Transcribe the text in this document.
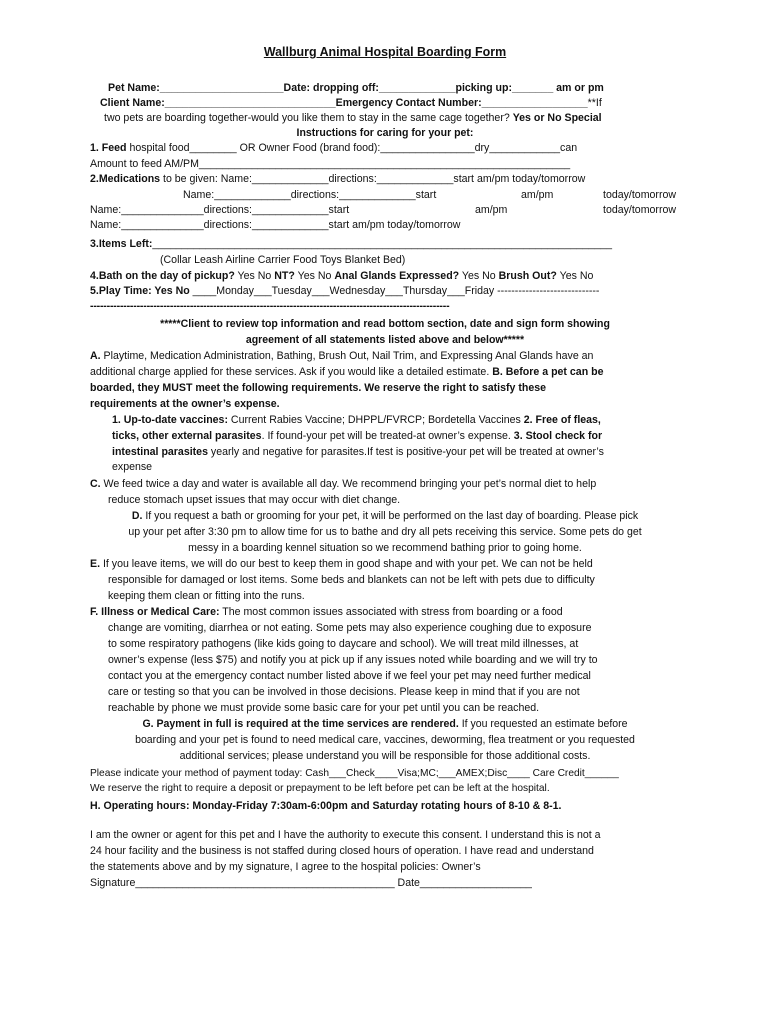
Wallburg Animal Hospital Boarding Form
Pet Name:_____________________Date: dropping off:_____________picking up:_______ am or pm
Client Name:_____________________________Emergency Contact Number:__________________**If
two pets are boarding together-would you like them to stay in the same cage together? Yes or No Special
Instructions for caring for your pet:
1. Feed hospital food________ OR Owner Food (brand food):________________dry____________can
Amount to feed AM/PM_______________________________________________________________
2.Medications to be given: Name:_____________directions:_____________start am/pm today/tomorrow
Name:_____________directions:_____________start	am/pm	today/tomorrow
Name:______________directions:_____________start	am/pm	today/tomorrow
Name:______________directions:_____________start am/pm today/tomorrow
3.Items Left:______________________________________________________________________________
(Collar Leash Airline Carrier Food Toys Blanket Bed)
4.Bath on the day of pickup? Yes No NT? Yes No Anal Glands Expressed? Yes No Brush Out? Yes No
5.Play Time: Yes No ____Monday___Tuesday___Wednesday___Thursday___Friday -----------------------------
------------------------------------------------------------------------------------------------------------
*****Client to review top information and read bottom section, date and sign form showing
agreement of all statements listed above and below*****
A. Playtime, Medication Administration, Bathing, Brush Out, Nail Trim, and Expressing Anal Glands have an
additional charge applied for these services. Ask if you would like a detailed estimate. B. Before a pet can be
boarded, they MUST meet the following requirements. We reserve the right to satisfy these
requirements at the owner’s expense.
1. Up-to-date vaccines: Current Rabies Vaccine; DHPPL/FVRCP; Bordetella Vaccines 2. Free of fleas,
ticks, other external parasites. If found-your pet will be treated-at owner’s expense. 3. Stool check for
intestinal parasites yearly and negative for parasites.If test is positive-your pet will be treated at owner’s
expense
C. We feed twice a day and water is available all day. We recommend bringing your pet’s normal diet to help
reduce stomach upset issues that may occur with diet change.
D. If you request a bath or grooming for your pet, it will be performed on the last day of boarding. Please pick
up your pet after 3:30 pm to allow time for us to bathe and dry all pets receiving this service. Some pets do get
messy in a boarding kennel situation so we recommend bathing prior to going home.
E. If you leave items, we will do our best to keep them in good shape and with your pet. We can not be held
responsible for damaged or lost items. Some beds and blankets can not be left with pets due to difficulty
keeping them clean or fitting into the runs.
F. Illness or Medical Care: The most common issues associated with stress from boarding or a food
change are vomiting, diarrhea or not eating. Some pets may also experience coughing due to exposure
to some respiratory pathogens (like kids going to daycare and school). We will treat mild illnesses, at
owner’s expense (less $75) and notify you at pick up if any issues noted while boarding and we will try to
contact you at the emergency contact number listed above if we feel your pet may need further medical
care or testing so that you can be involved in those decisions. Please keep in mind that if you are not
reachable by phone we must provide some basic care for your pet until you can be reached.
G. Payment in full is required at the time services are rendered. If you requested an estimate before
boarding and your pet is found to need medical care, vaccines, deworming, flea treatment or you requested
additional services; please understand you will be responsible for those additional costs.
Please indicate your method of payment today: Cash___Check____Visa;MC;___AMEX;Disc____ Care Credit______
We reserve the right to require a deposit or prepayment to be left before pet can be left at the hospital.
H. Operating hours: Monday-Friday 7:30am-6:00pm and Saturday rotating hours of 8-10 & 8-1.
I am the owner or agent for this pet and I have the authority to execute this consent. I understand this is not a
24 hour facility and the business is not staffed during closed hours of operation. I have read and understand
the statements above and by my signature, I agree to the hospital policies: Owner’s
Signature____________________________________________ Date___________________
